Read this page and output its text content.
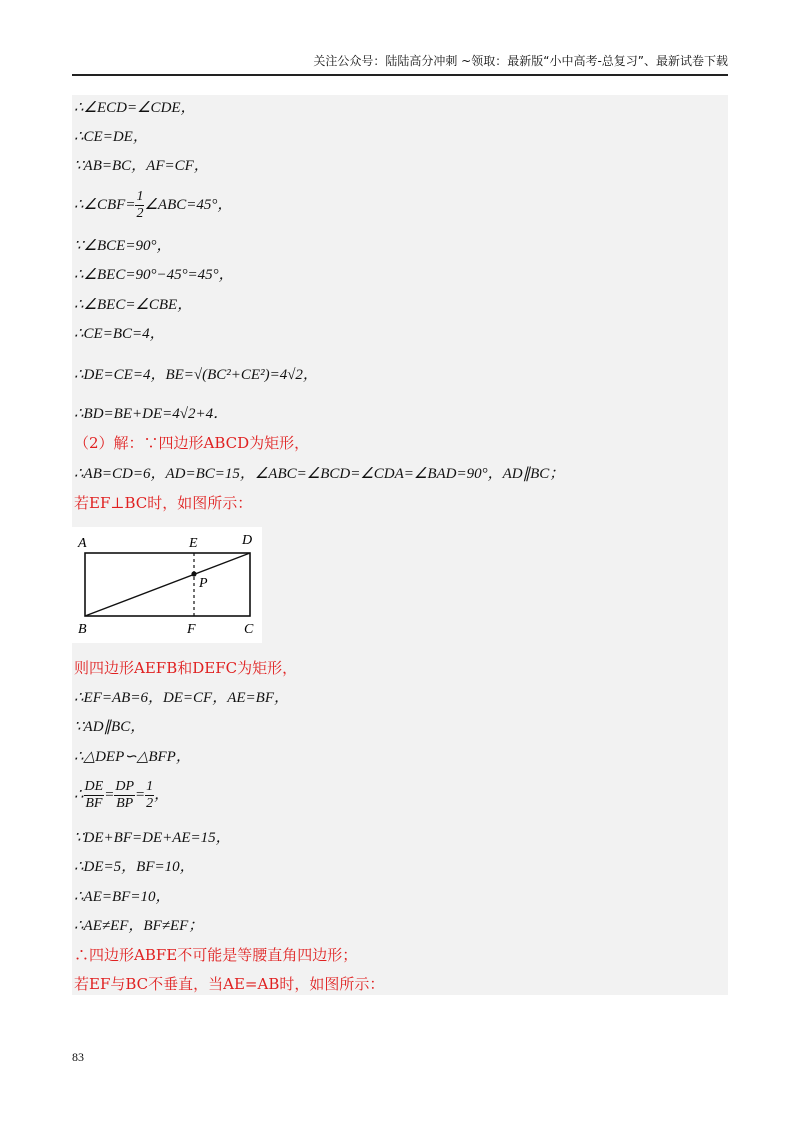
关注公众号：陆陆高分冲刺 ~领取：最新版“小中高考-总复习”、最新试卷下载
∴∠ECD=∠CDE，
∴CE=DE，
∵AB=BC，AF=CF，
∴∠CBF= $\frac{1}{2}$ ∠ABC=45°，
∵∠BCE=90°，
∴∠BEC=90°−45°=45°，
∴∠BEC=∠CBE，
∴CE=BC=4，
∴DE=CE=4，BE=√(BC²+CE²)=4√2，
∴BD=BE+DE=4√2+4．
（2）解：∵四边形ABCD为矩形，
∴AB=CD=6，AD=BC=15，∠ABC=∠BCD=∠CDA=∠BAD=90°，AD∥BC；
若EF⊥BC时，如图所示：
A	E	D
P
B	F	C
则四边形AEFB和DEFC为矩形，
∴EF=AB=6，DE=CF，AE=BF，
∵AD∥BC，
∴△DEP∽△BFP，
∴ $\frac{DE}{BF} = \frac{DP}{BP} = \frac{1}{2}$ ，
∵DE+BF=DE+AE=15，
∴DE=5，BF=10，
∴AE=BF=10，
∴AE≠EF，BF≠EF；
∴四边形ABFE不可能是等腰直角四边形；
若EF与BC不垂直，当AE=AB时，如图所示：
83
